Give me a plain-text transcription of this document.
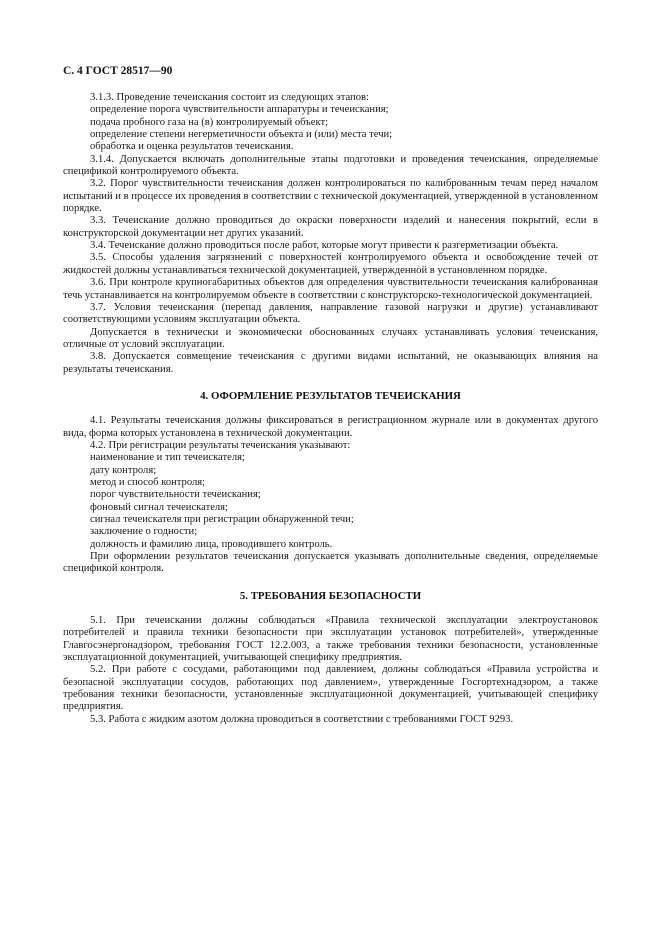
С. 4 ГОСТ 28517—90

3.1.3. Проведение течеискания состоит из следующих этапов:

определение порога чувствительности аппаратуры и течеискания;

подача пробного газа на (в) контролируемый объект;

определение степени негерметичности объекта и (или) места течи;

обработка и оценка результатов течеискания.

3.1.4. Допускается включать дополнительные этапы подготовки и проведения течеискания, определяемые спецификой контролируемого объекта.

3.2. Порог чувствительности течеискания должен контролироваться по калиброванным течам перед началом испытаний и в процессе их проведения в соответствии с технической документацией, утвержденной в установленном порядке.

3.3. Течеискание должно проводиться до окраски поверхности изделий и нанесения покрытий, если в конструкторской документации нет других указаний.

3.4. Течеискание должно проводиться после работ, которые могут привести к разгерметизации объекта.

3.5. Способы удаления загрязнений с поверхностей контролируемого объекта и освобождение течей от жидкостей должны устанавливаться технической документацией, утвержденной в установленном порядке.

3.6. При контроле крупногабаритных объектов для определения чувствительности течеискания калиброванная течь устанавливается на контролируемом объекте в соответствии с конструкторско-технологической документацией.

3.7. Условия течеискания (перепад давления, направление газовой нагрузки и другие) устанавливают соответствующими условиям эксплуатации объекта.

Допускается в технически и экономически обоснованных случаях устанавливать условия течеискания, отличные от условий эксплуатации.

3.8. Допускается совмещение течеискания с другими видами испытаний, не оказывающих влияния на результаты течеискания.

4. ОФОРМЛЕНИЕ РЕЗУЛЬТАТОВ ТЕЧЕИСКАНИЯ

4.1. Результаты течеискания должны фиксироваться в регистрационном журнале или в документах другого вида, форма которых установлена в технической документации.

4.2. При регистрации результаты течеискания указывают:

наименование и тип течеискателя;

дату контроля;

метод и способ контроля;

порог чувствительности течеискания;

фоновый сигнал течеискателя;

сигнал течеискателя при регистрации обнаруженной течи;

заключение о годности;

должность и фамилию лица, проводившего контроль.

При оформлении результатов течеискания допускается указывать дополнительные сведения, определяемые спецификой контроля.

5. ТРЕБОВАНИЯ БЕЗОПАСНОСТИ

5.1. При течеискании должны соблюдаться «Правила технической эксплуатации электроустановок потребителей и правила техники безопасности при эксплуатации установок потребителей», утвержденные Главгосэнергонадзором, требования ГОСТ 12.2.003, а также требования техники безопасности, установленные эксплуатационной документацией, учитывающей специфику предприятия.

5.2. При работе с сосудами, работающими под давлением, должны соблюдаться «Правила устройства и безопасной эксплуатации сосудов, работающих под давлением», утвержденные Госгортехнадзором, а также требования техники безопасности, установленные эксплуатационной документацией, учитывающей специфику предприятия.

5.3. Работа с жидким азотом должна проводиться в соответствии с требованиями ГОСТ 9293.
